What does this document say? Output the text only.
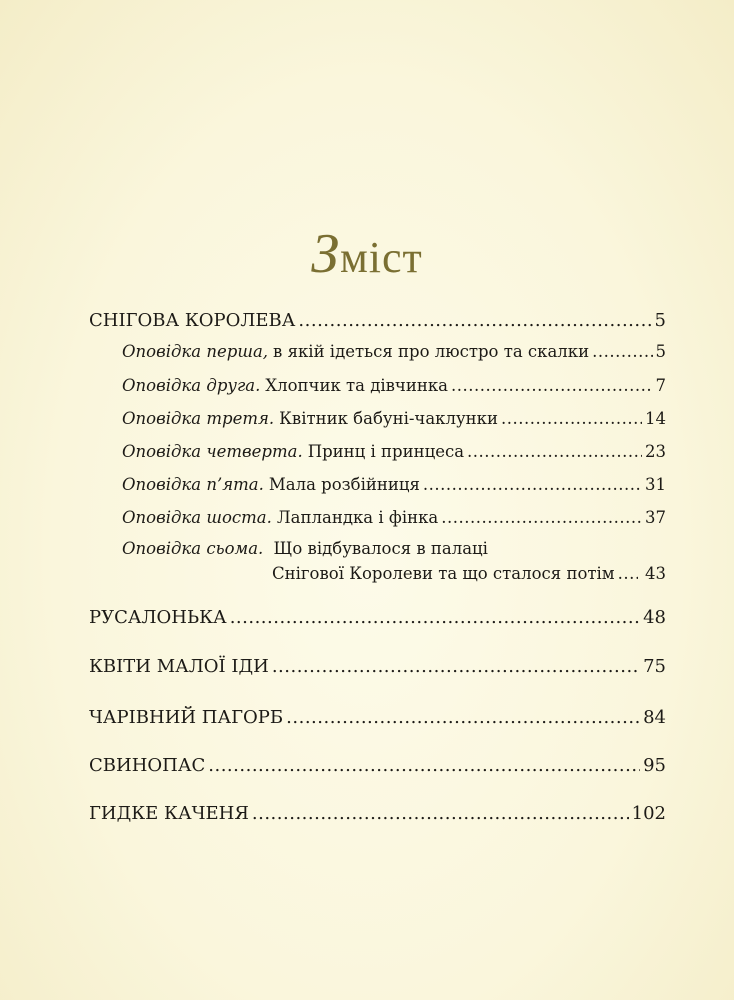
Зміст
СНІГОВА КОРОЛЕВА .....	5
Оповідка перша, в якій ідеться про люстро та скалки .....	5
Оповідка друга. Хлопчик та дівчинка .....	7
Оповідка третя. Квітник бабуні-чаклунки .....	14
Оповідка четверта. Принц і принцеса .....	23
Оповідка п’ята. Мала розбійниця .....	31
Оповідка шоста. Лапландка і фінка .....	37
Оповідка сьома. Що відбувалося в палаці
Снігової Королеви та що сталося потім ..... 43
РУСАЛОНЬКА .....	48
КВІТИ МАЛОЇ ІДИ .....	75
ЧАРІВНИЙ ПАГОРБ .....	84
СВИНОПАС .....	95
ГИДКЕ КАЧЕНЯ .....	102
